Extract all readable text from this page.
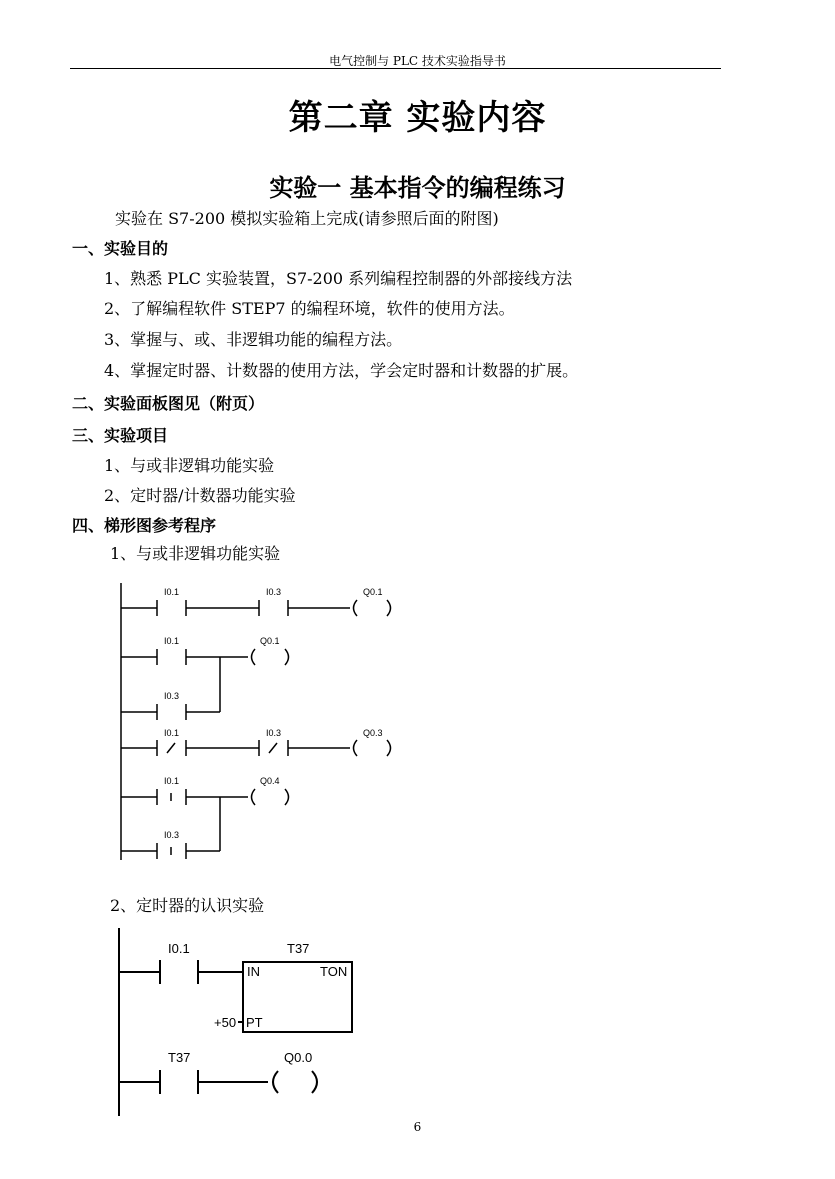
电气控制与 PLC 技术实验指导书
第二章 实验内容
实验一 基本指令的编程练习
实验在 S7-200 模拟实验箱上完成(请参照后面的附图)
一、实验目的
1、熟悉 PLC 实验装置，S7-200 系列编程控制器的外部接线方法
2、了解编程软件 STEP7 的编程环境，软件的使用方法。
3、掌握与、或、非逻辑功能的编程方法。
4、掌握定时器、计数器的使用方法，学会定时器和计数器的扩展。
二、实验面板图见（附页）
三、实验项目
1、与或非逻辑功能实验
2、定时器/计数器功能实验
四、梯形图参考程序
1、与或非逻辑功能实验
I0.1	I0.3	Q0.1
I0.1	Q0.1
I0.3
I0.1	I0.3	Q0.3
I0.1	Q0.4
I0.3
2、定时器的认识实验
I0.1	T37
IN	TON
PT
+50
T37	Q0.0
6
